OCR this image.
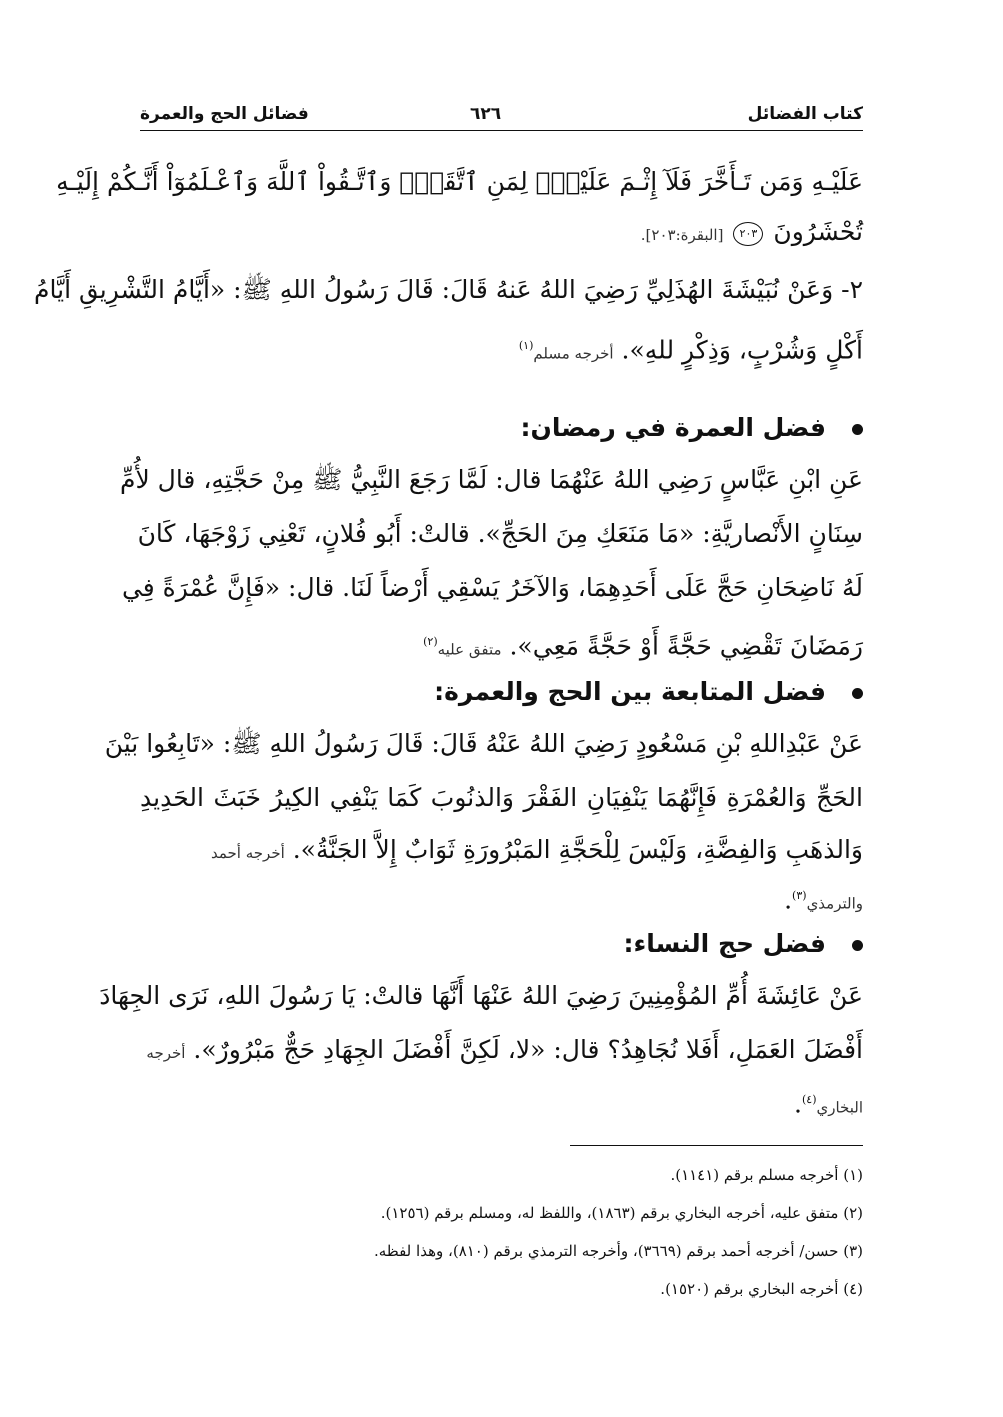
كتاب الفضائل
٦٢٦
فضائل الحج والعمرة
عَلَيْـهِ وَمَن تَـأَخَّرَ فَلَآ إِثْـمَ عَلَيْهِۚ لِمَنِ ٱتَّقَىٰۗ وَٱتَّـقُواْ ٱللَّهَ وَٱعْـلَمُوٓاْ أَنَّـكُمْ إِلَيْـهِ
تُحْشَرُونَ ٢٠٣ [البقرة:٢٠٣].
٢- وَعَنْ نُبَيْشَةَ الهُذَلِيِّ رَضِيَ اللهُ عَنهُ قَالَ: قَالَ رَسُولُ اللهِ ﷺ: «أَيَّامُ التَّشْرِيقِ أَيَّامُ
أَكْلٍ وَشُرْبٍ، وَذِكْرٍ للهِ». أخرجه مسلم$^{(١)}$
فضل العمرة في رمضان:
عَنِ ابْنِ عَبَّاسٍ رَضِي اللهُ عَنْهُمَا قال: لَمَّا رَجَعَ النَّبِيُّ ﷺ مِنْ حَجَّتِهِ، قال لأُمِّ
سِنَانٍ الأَنْصاريَّةِ: «مَا مَنَعَكِ مِنَ الحَجِّ». قالتْ: أَبُو فُلانٍ، تَعْنِي زَوْجَهَا، كَانَ
لَهُ نَاضِحَانِ حَجَّ عَلَى أَحَدِهِمَا، وَالآخَرُ يَسْقِي أَرْضاً لَنَا. قال: «فَإِنَّ عُمْرَةً فِي
رَمَضَانَ تَقْضِي حَجَّةً أَوْ حَجَّةً مَعِي». متفق عليه$^{(٢)}$
فضل المتابعة بين الحج والعمرة:
عَنْ عَبْدِاللهِ بْنِ مَسْعُودٍ رَضِيَ اللهُ عَنْهُ قَالَ: قَالَ رَسُولُ اللهِ ﷺ: «تَابِعُوا بَيْنَ
الحَجِّ وَالعُمْرَةِ فَإِنَّهُمَا يَنْفِيَانِ الفَقْرَ وَالذنُوبَ كَمَا يَنْفِي الكِيرُ خَبَثَ الحَدِيدِ
وَالذهَبِ وَالفِضَّةِ، وَلَيْسَ لِلْحَجَّةِ المَبْرُورَةِ ثَوَابٌ إِلاَّ الجَنَّةُ». أخرجه أحمد
والترمذي$^{(٣)}$.
فضل حج النساء:
عَنْ عَائِشَةَ أُمِّ المُؤْمِنِينَ رَضِيَ اللهُ عَنْهَا أَنَّهَا قالتْ: يَا رَسُولَ اللهِ، نَرَى الجِهَادَ
أَفْضَلَ العَمَلِ، أَفَلا نُجَاهِدُ؟ قال: «لا، لَكِنَّ أَفْضَلَ الجِهَادِ حَجٌّ مَبْرُورٌ». أخرجه
البخاري$^{(٤)}$.
(١) أخرجه مسلم برقم (١١٤١).
(٢) متفق عليه، أخرجه البخاري برقم (١٨٦٣)، واللفظ له، ومسلم برقم (١٢٥٦).
(٣) حسن/ أخرجه أحمد برقم (٣٦٦٩)، وأخرجه الترمذي برقم (٨١٠)، وهذا لفظه.
(٤) أخرجه البخاري برقم (١٥٢٠).
